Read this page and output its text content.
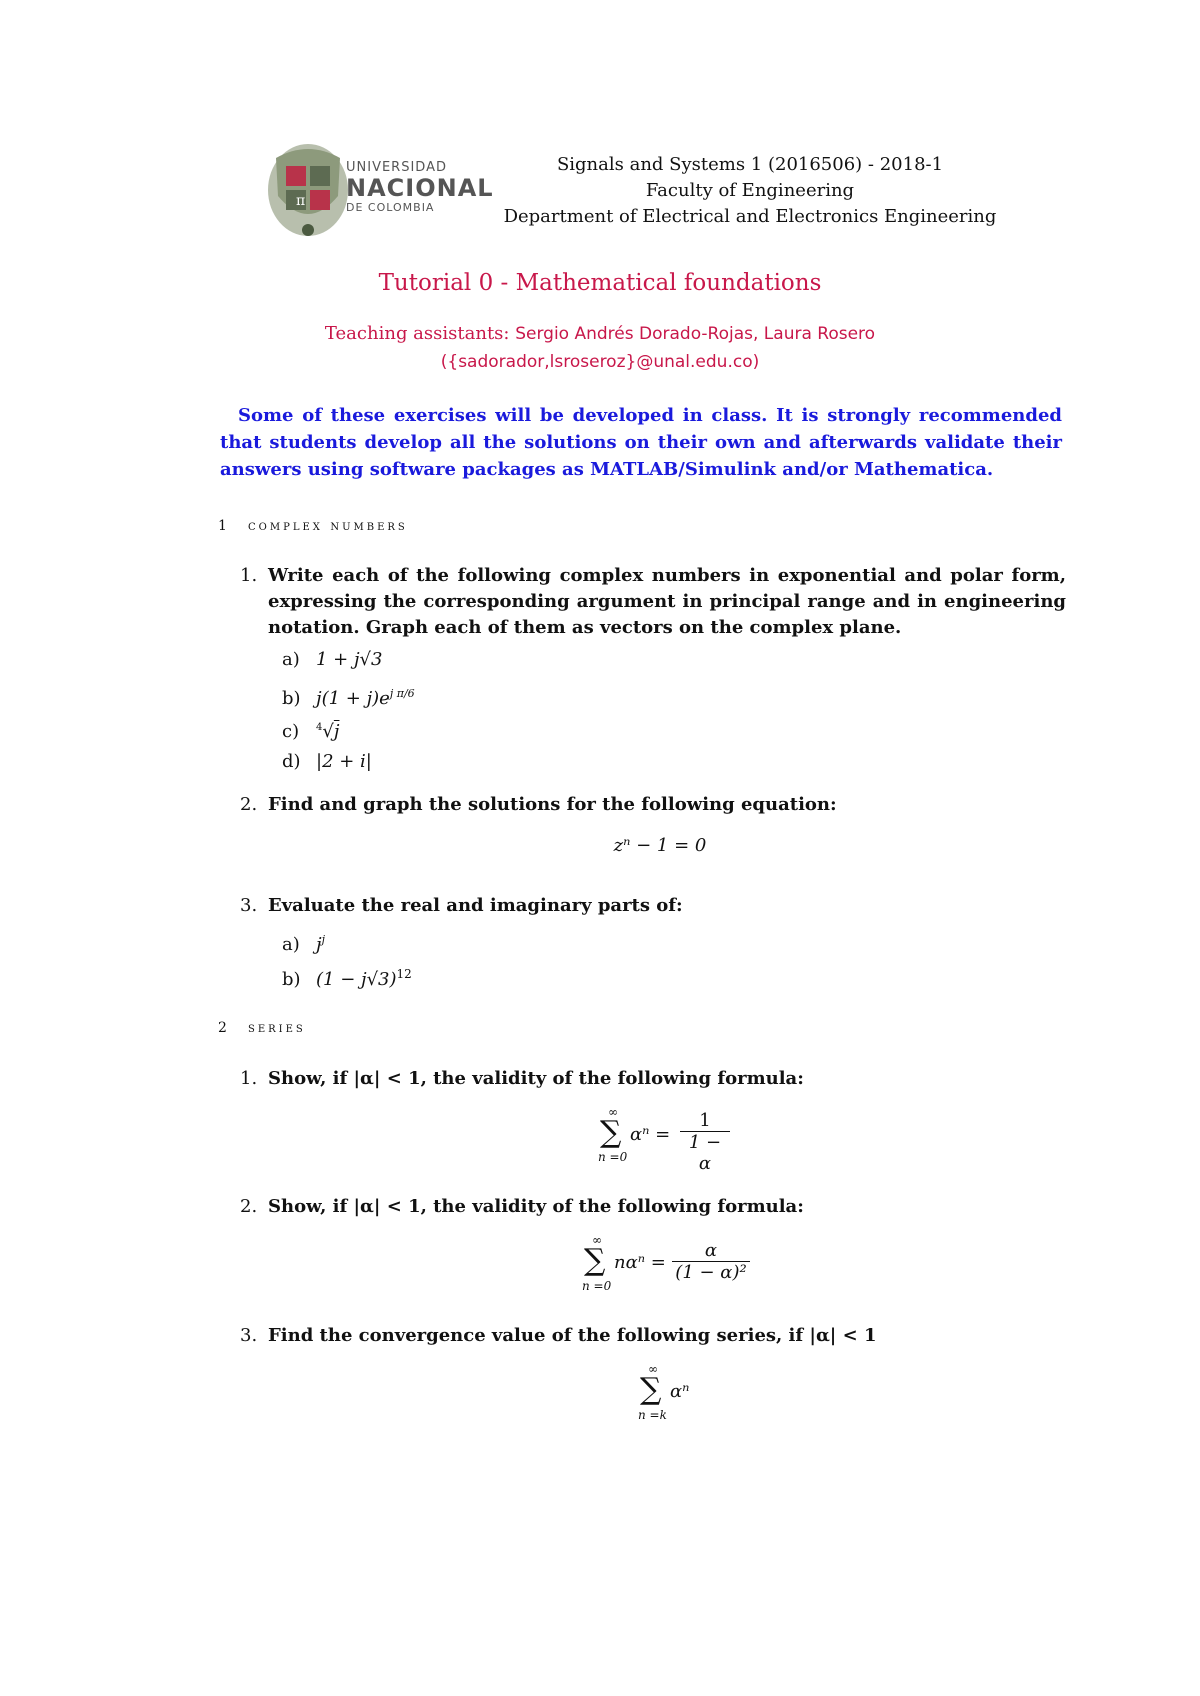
π
UNIVERSIDAD
NACIONAL
DE COLOMBIA
Signals and Systems 1 (2016506) - 2018-1
Faculty of Engineering
Department of Electrical and Electronics Engineering
Tutorial 0 - Mathematical foundations
Teaching assistants: Sergio Andrés Dorado-Rojas, Laura Rosero
({sadorador,lsroseroz}@unal.edu.co)
Some of these exercises will be developed in class. It is strongly recommended that students develop all the solutions on their own and afterwards validate their answers using software packages as MATLAB/Simulink and/or Mathematica.
1 complex numbers
1. Write each of the following complex numbers in exponential and polar form, expressing the corresponding argument in principal range and in engineering notation. Graph each of them as vectors on the complex plane.
a) 1 + j√3
b) $j(1 + j)e^{j \pi/6}$
c) $^4$√j
d) |2 + i|
2. Find and graph the solutions for the following equation:
zⁿ − 1 = 0
3. Evaluate the real and imaginary parts of:
a) $j^j$
b) $(1 - j√3)^{12}$
2 series
1. Show, if |α| < 1, the validity of the following formula:
∞
∑
n =0
$\alpha^n = \frac{1}{1 - \alpha}$
2. Show, if |α| < 1, the validity of the following formula:
∞
∑
n =0
$n\alpha^n = \frac{\alpha}{\text{(1 − α)²}}$
3. Find the convergence value of the following series, if |α| < 1
∞
∑
n =k
αⁿ
